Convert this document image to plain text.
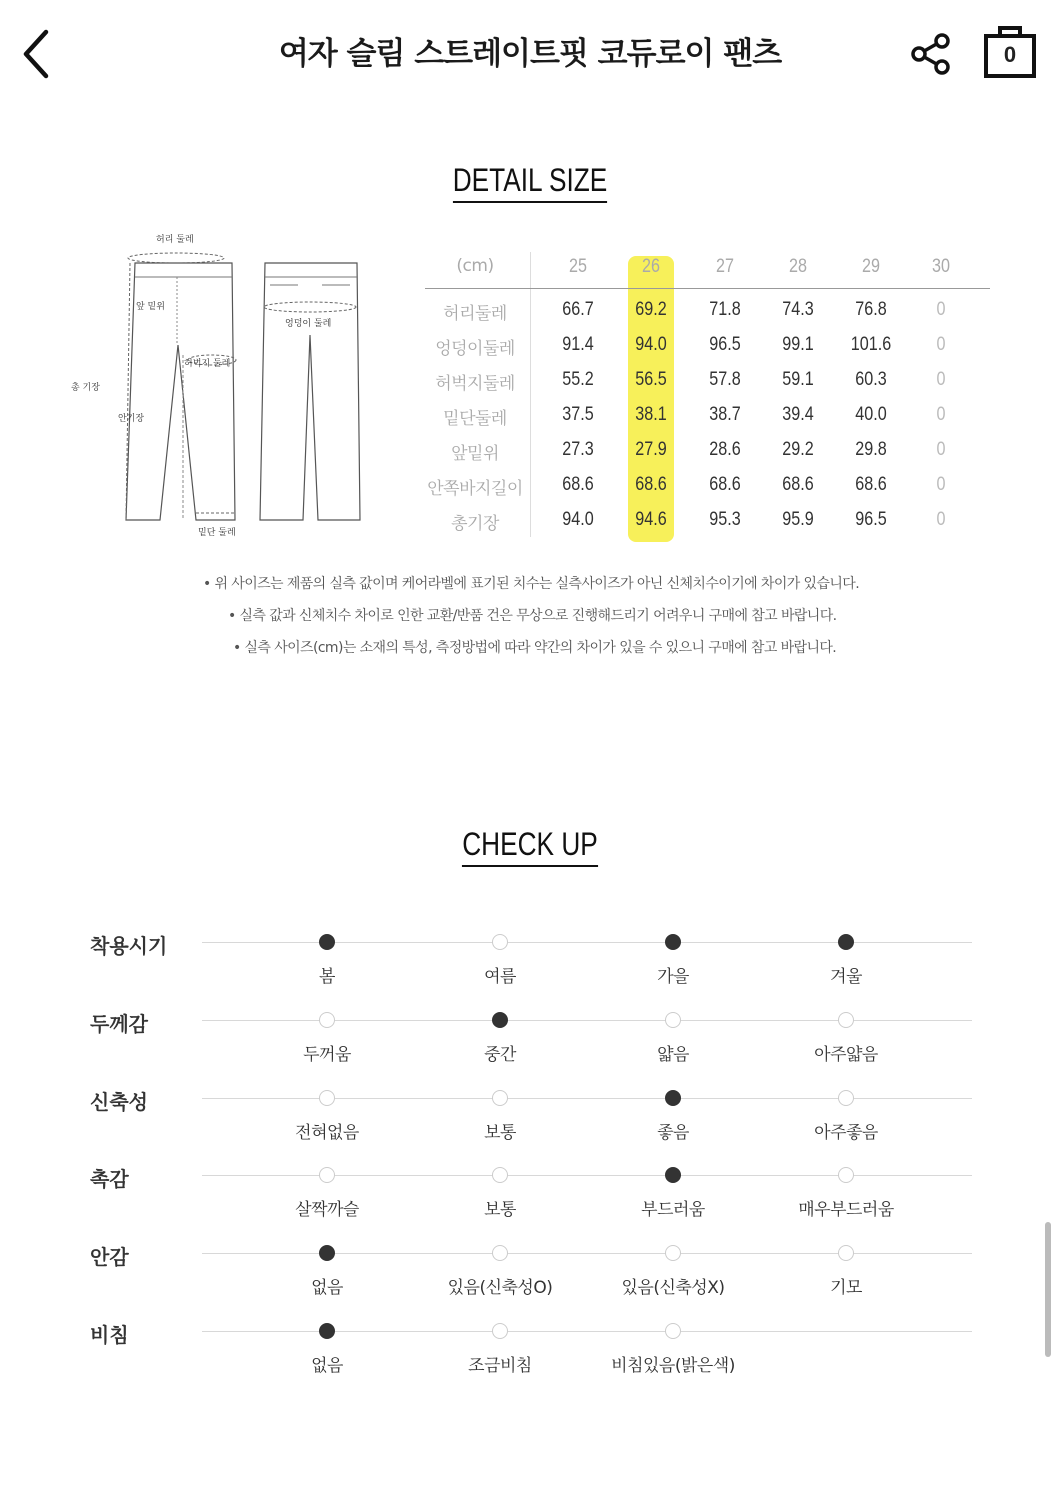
여자 슬림 스트레이트핏 코듀로이 팬츠	0
DETAIL SIZE
허리 둘레
앞 밑위
허벅지 둘레
총 기장
안기장
밑단 둘레
엉덩이 둘레
(cm)	25	26	27	28	29	30
허리둘레	66.7	69.2	71.8	74.3	76.8	0
엉덩이둘레	91.4	94.0	96.5	99.1	101.6	0
허벅지둘레	55.2	56.5	57.8	59.1	60.3	0
밑단둘레	37.5	38.1	38.7	39.4	40.0	0
앞밑위	27.3	27.9	28.6	29.2	29.8	0
안쪽바지길이	68.6	68.6	68.6	68.6	68.6	0
총기장	94.0	94.6	95.3	95.9	96.5	0
• 위 사이즈는 제품의 실측 값이며 케어라벨에 표기된 치수는 실측사이즈가 아닌 신체치수이기에 차이가 있습니다.
• 실측 값과 신체치수 차이로 인한 교환/반품 건은 무상으로 진행해드리기 어려우니 구매에 참고 바랍니다.
• 실측 사이즈(cm)는 소재의 특성, 측정방법에 따라 약간의 차이가 있을 수 있으니 구매에 참고 바랍니다.
CHECK UP
착용시기
봄	여름	가을	겨울
두께감
두꺼움	중간	얇음	아주얇음
신축성
전혀없음	보통	좋음	아주좋음
촉감
살짝까슬	보통	부드러움	매우부드러움
안감
없음	있음(신축성O)	있음(신축성X)	기모
비침
없음	조금비침	비침있음(밝은색)
